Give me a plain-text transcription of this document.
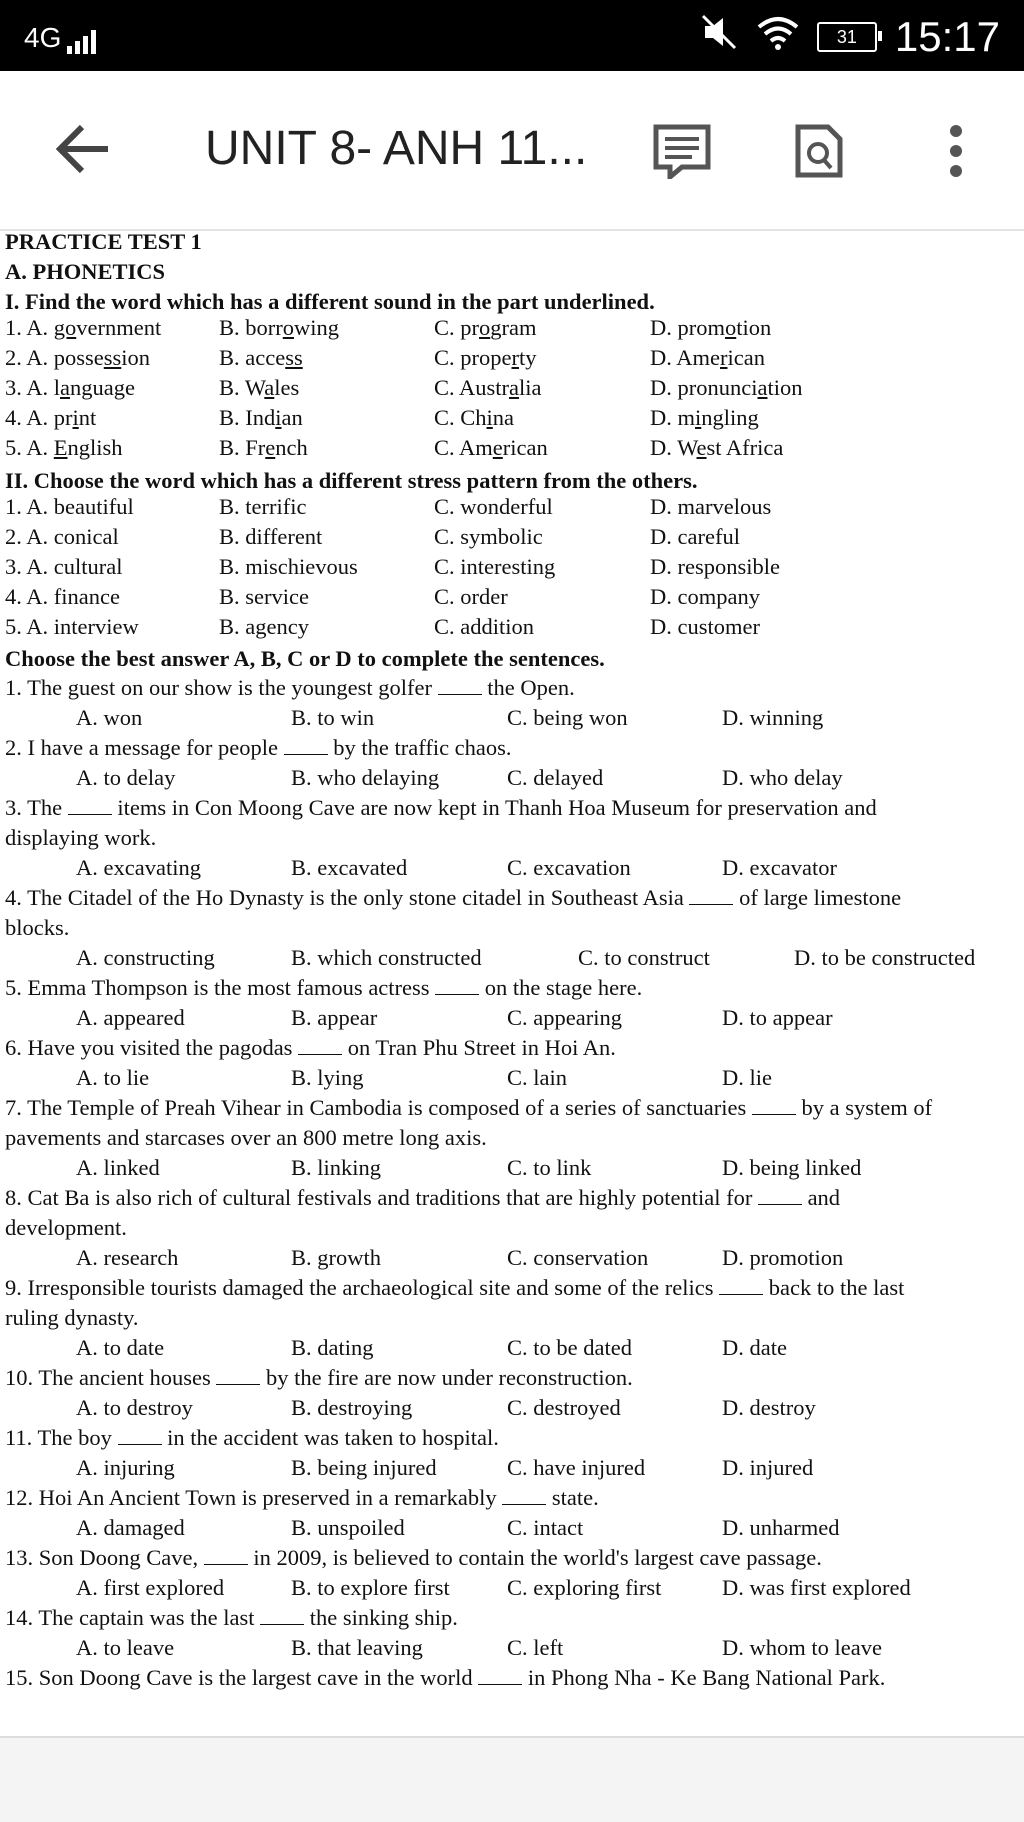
4G	31 15:17
UNIT 8- ANH 11...
PRACTICE TEST 1
A. PHONETICS
I. Find the word which has a different sound in the part underlined.
II. Choose the word which has a different stress pattern from the others.
Choose the best answer A, B, C or D to complete the sentences.
1. A. government	B. borrowing	C. program	D. promotion
2. A. possession	B. access	C. property	D. American
3. A. language	B. Wales	C. Australia	D. pronunciation
4. A. print	B. Indian	C. China	D. mingling
5. A. English	B. French	C. American	D. West Africa
1. A. beautiful	B. terrific	C. wonderful	D. marvelous
2. A. conical	B. different	C. symbolic	D. careful
3. A. cultural	B. mischievous	C. interesting	D. responsible
4. A. finance	B. service	C. order	D. company
5. A. interview	B. agency	C. addition	D. customer
1. The guest on our show is the youngest golfer  the Open.
A. won	B. to win	C. being won	D. winning
2. I have a message for people  by the traffic chaos.
A. to delay	B. who delaying	C. delayed	D. who delay
3. The  items in Con Moong Cave are now kept in Thanh Hoa Museum for preservation and
displaying work.
A. excavating	B. excavated	C. excavation	D. excavator
4. The Citadel of the Ho Dynasty is the only stone citadel in Southeast Asia  of large limestone
blocks.
A. constructing	B. which constructed	C. to construct	D. to be constructed
5. Emma Thompson is the most famous actress  on the stage here.
A. appeared	B. appear	C. appearing	D. to appear
6. Have you visited the pagodas  on Tran Phu Street in Hoi An.
A. to lie	B. lying	C. lain	D. lie
7. The Temple of Preah Vihear in Cambodia is composed of a series of sanctuaries  by a system of
pavements and starcases over an 800 metre long axis.
A. linked	B. linking	C. to link	D. being linked
8. Cat Ba is also rich of cultural festivals and traditions that are highly potential for  and
development.
A. research	B. growth	C. conservation	D. promotion
9. Irresponsible tourists damaged the archaeological site and some of the relics  back to the last
ruling dynasty.
A. to date	B. dating	C. to be dated	D. date
10. The ancient houses  by the fire are now under reconstruction.
A. to destroy	B. destroying	C. destroyed	D. destroy
11. The boy  in the accident was taken to hospital.
A. injuring	B. being injured	C. have injured	D. injured
12. Hoi An Ancient Town is preserved in a remarkably  state.
A. damaged	B. unspoiled	C. intact	D. unharmed
13. Son Doong Cave,  in 2009, is believed to contain the world's largest cave passage.
A. first explored	B. to explore first	C. exploring first	D. was first explored
14. The captain was the last  the sinking ship.
A. to leave	B. that leaving	C. left	D. whom to leave
15. Son Doong Cave is the largest cave in the world  in Phong Nha - Ke Bang National Park.
